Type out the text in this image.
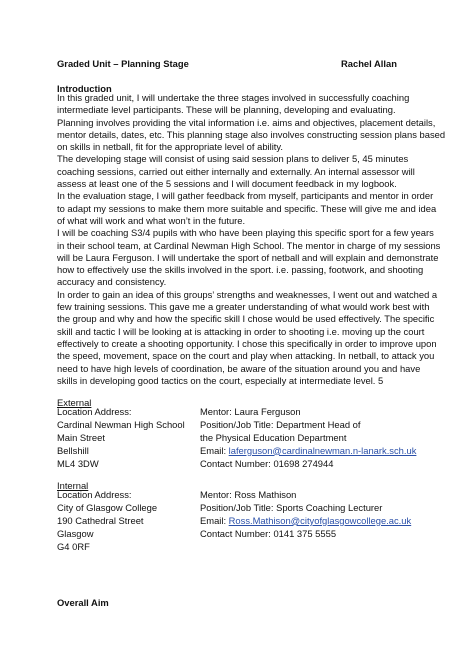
Graded Unit – Planning Stage	Rachel Allan
Introduction
In this graded unit, I will undertake the three stages involved in successfully coaching
intermediate level participants. These will be planning, developing and evaluating.
Planning involves providing the vital information i.e. aims and objectives, placement details,
mentor details, dates, etc. This planning stage also involves constructing session plans based
on skills in netball, fit for the appropriate level of ability.
The developing stage will consist of using said session plans to deliver 5, 45 minutes
coaching sessions, carried out either internally and externally. An internal assessor will
assess at least one of the 5 sessions and I will document feedback in my logbook.
In the evaluation stage, I will gather feedback from myself, participants and mentor in order
to adapt my sessions to make them more suitable and specific. These will give me and idea
of what will work and what won’t in the future.
I will be coaching S3/4 pupils with who have been playing this specific sport for a few years
in their school team, at Cardinal Newman High School. The mentor in charge of my sessions
will be Laura Ferguson. I will undertake the sport of netball and will explain and demonstrate
how to effectively use the skills involved in the sport. i.e. passing, footwork, and shooting
accuracy and consistency.
In order to gain an idea of this groups’ strengths and weaknesses, I went out and watched a
few training sessions. This gave me a greater understanding of what would work best with
the group and why and how the specific skill I chose would be used effectively. The specific
skill and tactic I will be looking at is attacking in order to shooting i.e. moving up the court
effectively to create a shooting opportunity. I chose this specifically in order to improve upon
the speed, movement, space on the court and play when attacking. In netball, to attack you
need to have high levels of coordination, be aware of the situation around you and have
skills in developing good tactics on the court, especially at intermediate level. 5
External
Location Address:
Cardinal Newman High School
Main Street
Bellshill
ML4 3DW
Mentor: Laura Ferguson
Position/Job Title: Department Head of
the Physical Education Department
Email: laferguson@cardinalnewman.n-lanark.sch.uk
Contact Number: 01698 274944
Internal
Location Address:
City of Glasgow College
190 Cathedral Street
Glasgow
G4 0RF
Mentor: Ross Mathison
Position/Job Title: Sports Coaching Lecturer
Email: Ross.Mathison@cityofglasgowcollege.ac.uk
Contact Number: 0141 375 5555
Overall Aim
